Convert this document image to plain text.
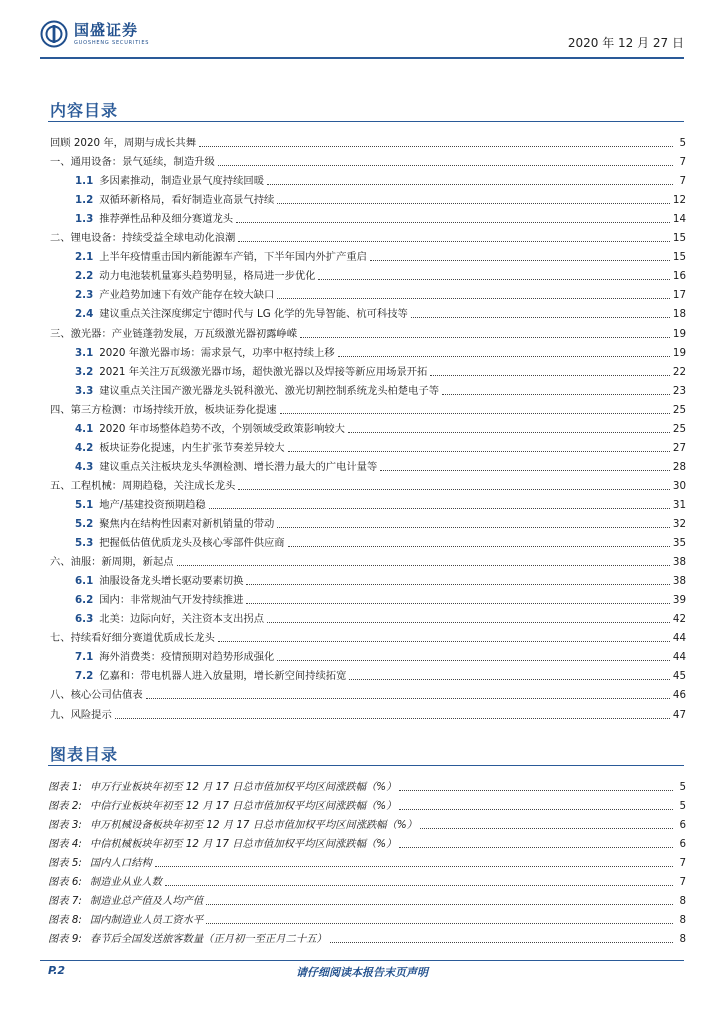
国盛证券
GUOSHENG SECURITIES	2020 年 12 月 27 日
内容目录
回顾 2020 年，周期与成长共舞	5
一、通用设备：景气延续，制造升级	7
1.1 多因素推动，制造业景气度持续回暖	7
1.2 双循环新格局，看好制造业高景气持续	12
1.3 推荐弹性品种及细分赛道龙头	14
二、锂电设备：持续受益全球电动化浪潮	15
2.1 上半年疫情重击国内新能源车产销，下半年国内外扩产重启	15
2.2 动力电池装机量寡头趋势明显，格局进一步优化	16
2.3 产业趋势加速下有效产能存在较大缺口	17
2.4 建议重点关注深度绑定宁德时代与 LG 化学的先导智能、杭可科技等	18
三、激光器：产业链蓬勃发展，万瓦级激光器初露峥嵘	19
3.1 2020 年激光器市场：需求景气，功率中枢持续上移	19
3.2 2021 年关注万瓦级激光器市场，超快激光器以及焊接等新应用场景开拓	22
3.3 建议重点关注国产激光器龙头锐科激光、激光切割控制系统龙头柏楚电子等	23
四、第三方检测：市场持续开放，板块证券化提速	25
4.1 2020 年市场整体趋势不改，个别领域受政策影响较大	25
4.2 板块证券化提速，内生扩张节奏差异较大	27
4.3 建议重点关注板块龙头华测检测、增长潜力最大的广电计量等	28
五、工程机械：周期趋稳，关注成长龙头	30
5.1 地产/基建投资预期趋稳	31
5.2 聚焦内在结构性因素对新机销量的带动	32
5.3 把握低估值优质龙头及核心零部件供应商	35
六、油服：新周期，新起点	38
6.1 油服设备龙头增长驱动要素切换	38
6.2 国内：非常规油气开发持续推进	39
6.3 北美：边际向好，关注资本支出拐点	42
七、持续看好细分赛道优质成长龙头	44
7.1 海外消费类：疫情预期对趋势形成强化	44
7.2 亿嘉和：带电机器人进入放量期，增长新空间持续拓宽	45
八、核心公司估值表	46
九、风险提示	47
图表目录
图表 1: 申万行业板块年初至 12 月 17 日总市值加权平均区间涨跌幅（%）	5
图表 2: 中信行业板块年初至 12 月 17 日总市值加权平均区间涨跌幅（%）	5
图表 3: 申万机械设备板块年初至 12 月 17 日总市值加权平均区间涨跌幅（%）	6
图表 4: 中信机械板块年初至 12 月 17 日总市值加权平均区间涨跌幅（%）	6
图表 5: 国内人口结构	7
图表 6: 制造业从业人数	7
图表 7: 制造业总产值及人均产值	8
图表 8: 国内制造业人员工资水平	8
图表 9: 春节后全国发送旅客数量（正月初一至正月二十五）	8
请仔细阅读本报告末页声明
P.2
